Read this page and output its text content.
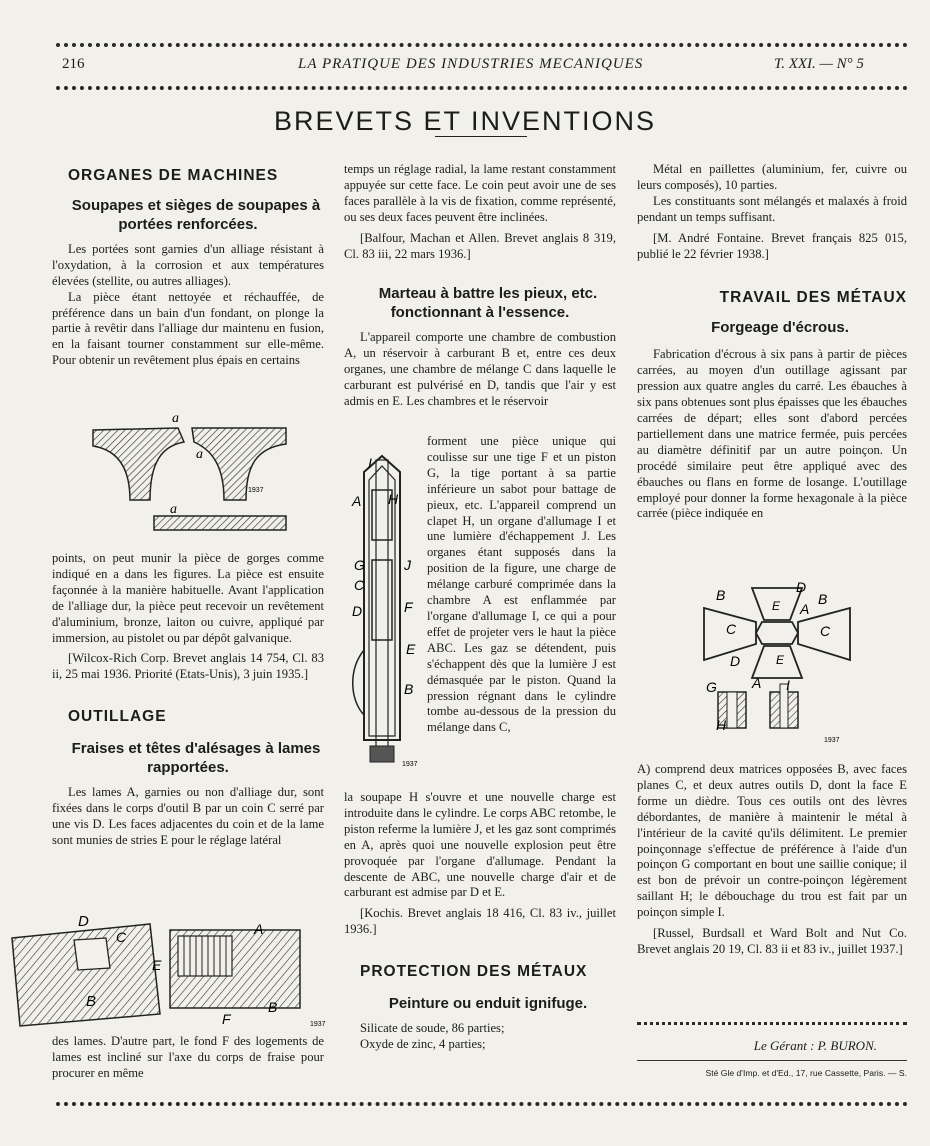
216	LA PRATIQUE DES INDUSTRIES MECANIQUES	T. XXI. — N° 5
BREVETS ET INVENTIONS

ORGANES DE MACHINES

Soupapes et sièges de soupapes à portées renforcées.

Les portées sont garnies d'un alliage résistant à l'oxydation, à la corrosion et aux températures élevées (stellite, ou autres alliages).

La pièce étant nettoyée et réchauffée, de préférence dans un bain d'un fondant, on plonge la partie à revêtir dans l'alliage dur maintenu en fusion, en la faisant tourner constamment sur elle-même. Pour obtenir un revêtement plus épais en certains

a
a
a
1937

points, on peut munir la pièce de gorges comme indiqué en a dans les figures. La pièce est ensuite façonnée à la manière habituelle. Avant l'application de l'alliage dur, la pièce peut recevoir un revêtement d'aluminium, bronze, laiton ou cuivre, appliqué par immersion, au pistolet ou par dépôt galvanique.

[Wilcox-Rich Corp. Brevet anglais 14 754, Cl. 83 ii, 25 mai 1936. Priorité (Etats-Unis), 3 juin 1935.]

OUTILLAGE

Fraises et têtes d'alésages à lames rapportées.

Les lames A, garnies ou non d'alliage dur, sont fixées dans le corps d'outil B par un coin C serré par une vis D. Les faces adjacentes du coin et de la lame sont munies de stries E pour le réglage latéral

D
C	A
E
B
F
B
1937

des lames. D'autre part, le fond F des logements de lames est incliné sur l'axe du corps de fraise pour procurer en même

temps un réglage radial, la lame restant constamment appuyée sur cette face. Le coin peut avoir une de ses faces parallèle à la vis de fixation, comme représenté, ou ses deux faces peuvent être inclinées.

[Balfour, Machan et Allen. Brevet anglais 8 319, Cl. 83 iii, 22 mars 1936.]

Marteau à battre les pieux, etc. fonctionnant à l'essence.

L'appareil comporte une chambre de combustion A, un réservoir à carburant B et, entre ces deux organes, une chambre de mélange C dans laquelle le carburant est pulvérisé en D, tandis que l'air y est admis en E. Les chambres et le réservoir

I
A H
G	J
C
D	F
E
B
1937

forment une pièce unique qui coulisse sur une tige F et un piston G, la tige portant à sa partie inférieure un sabot pour battage de pieux, etc. L'appareil comprend un clapet H, un organe d'allumage I et une lumière d'échappement J. Les organes étant supposés dans la position de la figure, une charge de mélange carburé comprimée dans la chambre A est enflammée par l'organe d'allumage I, ce qui a pour effet de projeter vers le haut la pièce ABC. Les gaz se détendent, puis s'échappent dès que la lumière J est démasquée par le piston. Quand la pression régnant dans le cylindre tombe au-dessous de la pression du mélange dans C,

la soupape H s'ouvre et une nouvelle charge est introduite dans le cylindre. Le corps ABC retombe, le piston referme la lumière J, et les gaz sont comprimés en A, après quoi une nouvelle explosion peut être provoquée par l'organe d'allumage. Pendant la descente de ABC, une nouvelle charge d'air et de carburant est admise par D et E.

[Kochis. Brevet anglais 18 416, Cl. 83 iv., juillet 1936.]

PROTECTION DES MÉTAUX

Peinture ou enduit ignifuge.

Silicate de soude, 86 parties;

Oxyde de zinc, 4 parties;

Métal en paillettes (aluminium, fer, cuivre ou leurs composés), 10 parties.

Les constituants sont mélangés et malaxés à froid pendant un temps suffisant.

[M. André Fontaine. Brevet français 825 015, publié le 22 février 1938.]

TRAVAIL DES MÉTAUX

Forgeage d'écrous.

Fabrication d'écrous à six pans à partir de pièces carrées, au moyen d'un outillage agissant par pression aux quatre angles du carré. Les ébauches à six pans obtenues sont plus épaisses que les ébauches carrées de départ; elles sont d'abord percées partiellement dans une matrice fermée, puis percées au diamètre définitif par un autre poinçon. Un procédé similaire peut être appliqué avec des ébauches ou flans en forme de losange. L'outillage employé pour donner la forme hexagonale à la pièce carrée (pièce indiquée en

D
B
E A
B
C	C
D	E
G	A I
H
1937

A) comprend deux matrices opposées B, avec faces planes C, et deux autres outils D, dont la face E forme un dièdre. Tous ces outils ont des lèvres débordantes, de manière à maintenir le métal à l'intérieur de la cavité qu'ils délimitent. Le premier poinçonnage s'effectue de préférence à l'aide d'un poinçon G comportant en bout une saillie conique; il est bon de prévoir un contre-poinçon légèrement saillant H; le débouchage du trou est fait par un poinçon simple I.

[Russel, Burdsall et Ward Bolt and Nut Co. Brevet anglais 20 19, Cl. 83 ii et 83 iv., juillet 1937.]

Le Gérant : P. BURON.
Sté Gle d'Imp. et d'Ed., 17, rue Cassette, Paris. — S.
